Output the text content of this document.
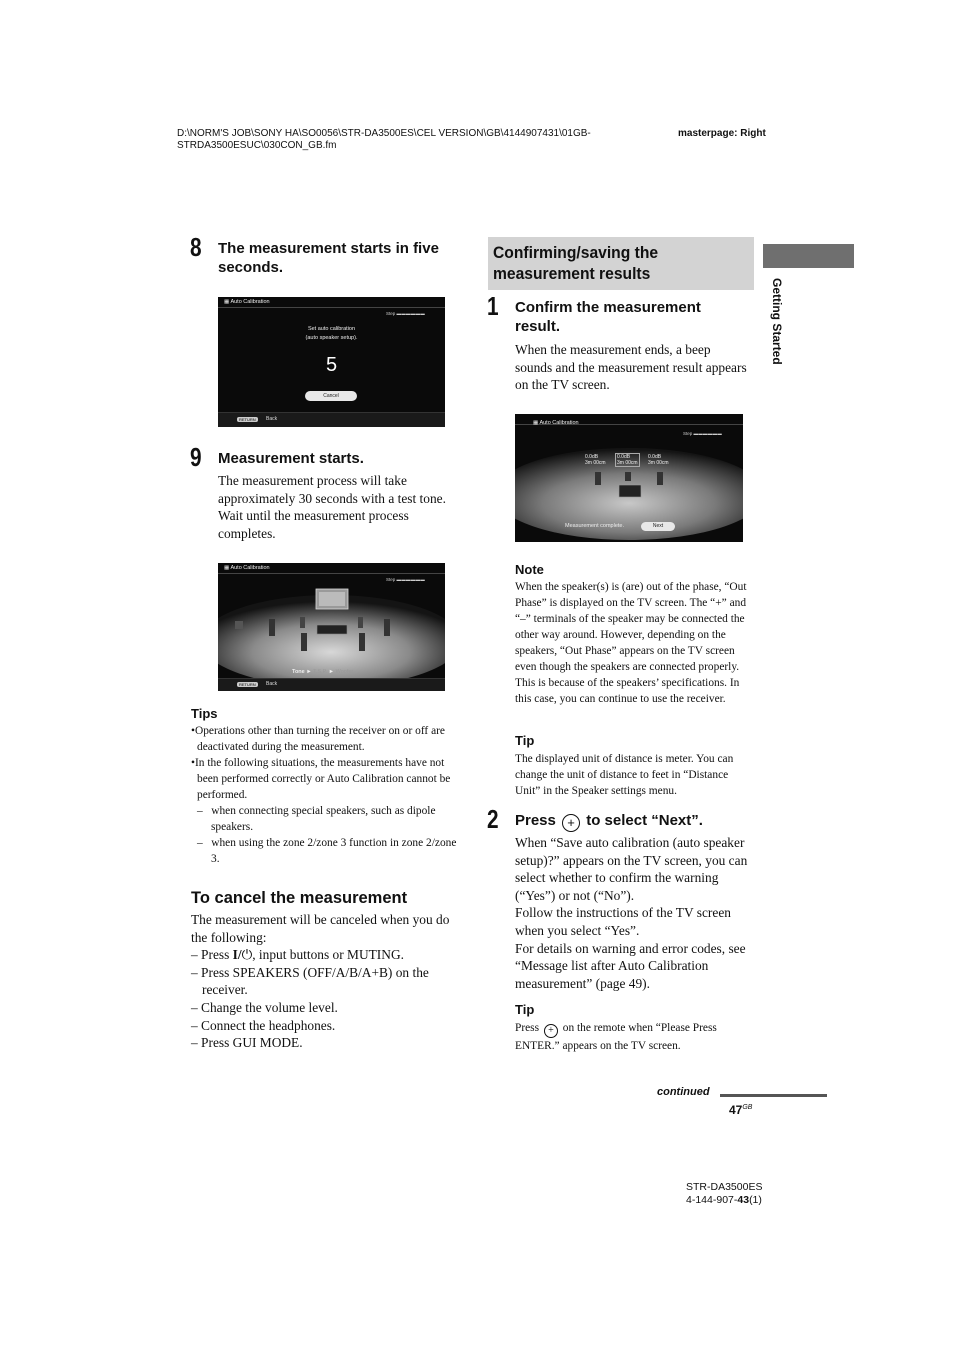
D:\NORM'S JOB\SONY HA\SO0056\STR-DA3500ES\CEL VERSION\GB\4144907431\01GB-
STRDA3500ESUC\030CON_GB.fm
masterpage: Right
Getting Started
8 The measurement starts in five seconds.
▦ Auto Calibration
Step ▬ ▬ ▬ ▬ ▬ ▬
Set auto calibration
(auto speaker setup).
5
Cancel
RETURN	Back
9 Measurement starts.
The measurement process will take approximately 30 seconds with a test tone. Wait until the measurement process completes.
▦ Auto Calibration
Step ▬ ▬ ▬ ▬ ▬ ▬
Tone ► T.S.P. ► Woofer
RETURN	Back
Tips

•Operations other than turning the receiver on or off are deactivated during the measurement.

•In the following situations, the measurements have not been performed correctly or Auto Calibration cannot be performed.

–   when connecting special speakers, such as dipole speakers.

–   when using the zone 2/zone 3 function in zone 2/zone 3.

To cancel the measurement
The measurement will be canceled when you do the following:
– Press I/⏻, input buttons or MUTING.
– Press SPEAKERS (OFF/A/B/A+B) on the receiver.
– Change the volume level.
– Connect the headphones.
– Press GUI MODE.
Confirming/saving the
measurement results
1 Confirm the measurement result.
When the measurement ends, a beep sounds and the measurement result appears on the TV screen.
▦ Auto Calibration
Step ▬ ▬ ▬ ▬ ▬ ▬
0.0dB
3m 00cm
0.0dB
3m 00cm
0.0dB
3m 00cm
Measurement complete.	Next
Note
When the speaker(s) is (are) out of the phase, “Out Phase” is displayed on the TV screen. The “+” and “–” terminals of the speaker may be connected the other way around. However, depending on the speakers, “Out Phase” appears on the TV screen even though the speakers are connected properly. This is because of the speakers’ specifications. In this case, you can continue to use the receiver.
Tip
The displayed unit of distance is meter. You can change the unit of distance to feet in “Distance Unit” in the Speaker settings menu.
2 Press + to select “Next”.
When “Save auto calibration (auto speaker setup)?” appears on the TV screen, you can select whether to confirm the warning (“Yes”) or not (“No”).
Follow the instructions of the TV screen when you select “Yes”.
For details on warning and error codes, see “Message list after Auto Calibration measurement” (page 49).
Tip
Press + on the remote when “Please Press ENTER.” appears on the TV screen.
continued
$47^{GB}$
STR-DA3500ES
4-144-907-43(1)
